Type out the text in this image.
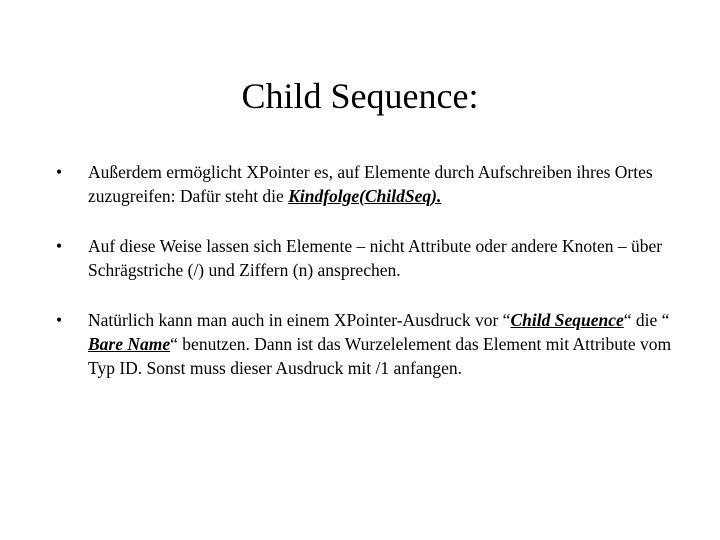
Child Sequence:
•	Außerdem ermöglicht XPointer es, auf Elemente durch Aufschreiben ihres Ortes zuzugreifen: Dafür steht die Kindfolge(ChildSeq).
•	Auf diese Weise lassen sich Elemente – nicht Attribute oder andere Knoten – über Schrägstriche (/) und Ziffern (n) ansprechen.
•	Natürlich kann man auch in einem XPointer-Ausdruck vor “Child Sequence“ die “ Bare Name“ benutzen. Dann ist das Wurzelelement das Element mit Attribute vom Typ ID. Sonst muss dieser Ausdruck mit /1 anfangen.
